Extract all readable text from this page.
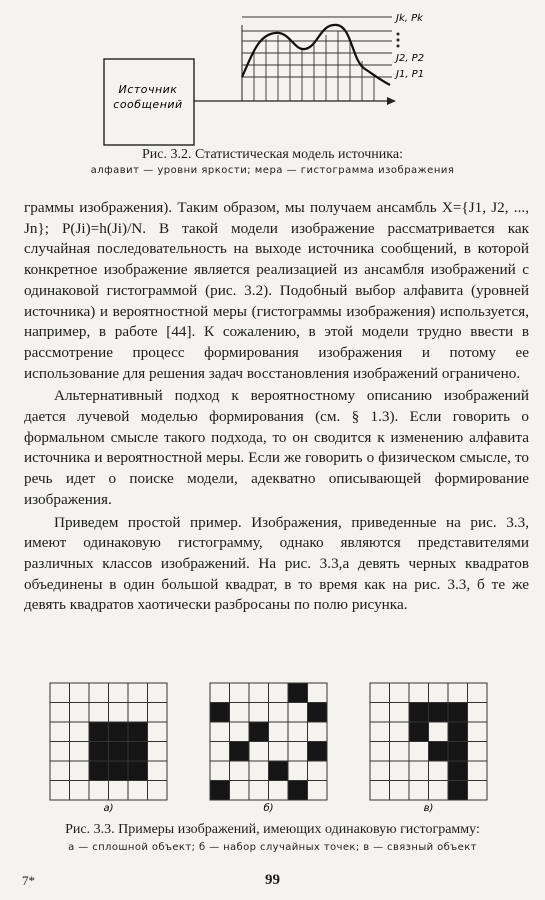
Источник
сообщений
Jk, Pk
J2, P2
J1, P1
Рис. 3.2. Статистическая модель источника:
алфавит — уровни яркости; мера — гистограмма изображения

граммы изображения). Таким образом, мы получаем ансамбль X={J1, J2, ..., Jn}; P(Ji)=h(Ji)/N. В такой модели изображение рассматривается как случайная последовательность на выходе источника сообщений, в которой конкретное изображение является реализацией из ансамбля изображений с одинаковой гистограммой (рис. 3.2). Подобный выбор алфавита (уровней источника) и вероятностной меры (гистограммы изображения) используется, например, в работе [44]. К сожалению, в этой модели трудно ввести в рассмотрение процесс формирования изображения и потому ее использование для решения задач восстановления изображений ограничено.

Альтернативный подход к вероятностному описанию изображений дается лучевой моделью формирования (см. § 1.3). Если говорить о формальном смысле такого подхода, то он сводится к изменению алфавита источника и вероятностной меры. Если же говорить о физическом смысле, то речь идет о поиске модели, адекватно описывающей формирование изображения.

Приведем простой пример. Изображения, приведенные на рис. 3.3, имеют одинаковую гистограмму, однако являются представителями различных классов изображений. На рис. 3.3,а девять черных квадратов объединены в один большой квадрат, в то время как на рис. 3.3, б те же девять квадратов хаотически разбросаны по полю рисунка.

а)	б)	в)
Рис. 3.3. Примеры изображений, имеющих одинаковую гистограмму:
а — сплошной объект; б — набор случайных точек; в — связный объект
7*	99
